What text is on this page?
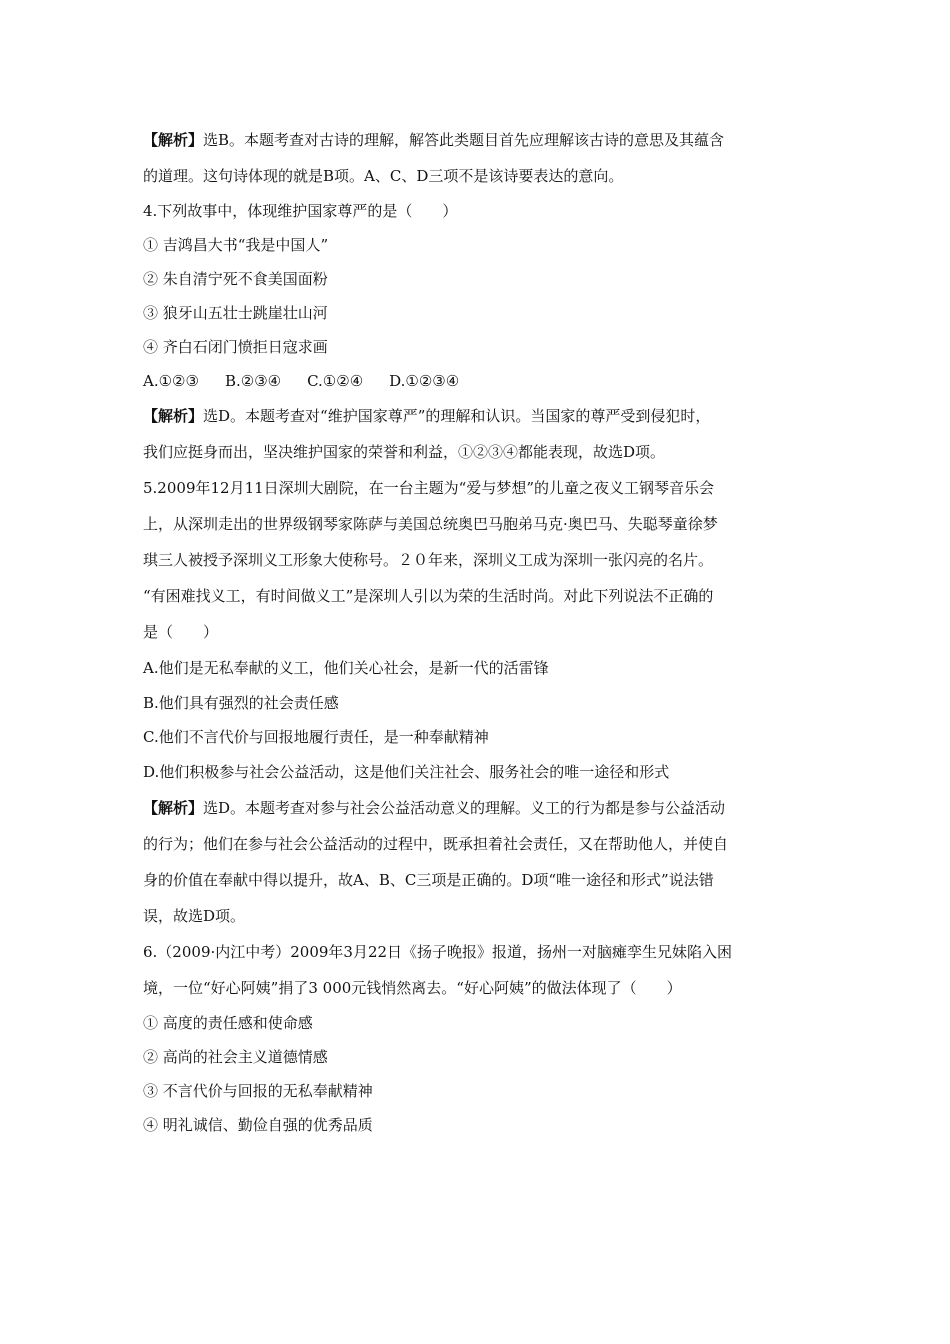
【解析】选B。本题考查对古诗的理解，解答此类题目首先应理解该古诗的意思及其蕴含
的道理。这句诗体现的就是B项。A、C、D三项不是该诗要表达的意向。
4.下列故事中，体现维护国家尊严的是（　　）
① 吉鸿昌大书“我是中国人”
② 朱自清宁死不食美国面粉
③ 狼牙山五壮士跳崖壮山河
④ 齐白石闭门愤拒日寇求画
A.①②③ B.②③④ C.①②④ D.①②③④
【解析】选D。本题考查对“维护国家尊严”的理解和认识。当国家的尊严受到侵犯时，
我们应挺身而出，坚决维护国家的荣誉和利益，①②③④都能表现，故选D项。
5.2009年12月11日深圳大剧院，在一台主题为“爱与梦想”的儿童之夜义工钢琴音乐会
上，从深圳走出的世界级钢琴家陈萨与美国总统奥巴马胞弟马克·奥巴马、失聪琴童徐梦
琪三人被授予深圳义工形象大使称号。２０年来，深圳义工成为深圳一张闪亮的名片。
“有困难找义工，有时间做义工”是深圳人引以为荣的生活时尚。对此下列说法不正确的
是（　　）
A.他们是无私奉献的义工，他们关心社会，是新一代的活雷锋
B.他们具有强烈的社会责任感
C.他们不言代价与回报地履行责任，是一种奉献精神
D.他们积极参与社会公益活动，这是他们关注社会、服务社会的唯一途径和形式
【解析】选D。本题考查对参与社会公益活动意义的理解。义工的行为都是参与公益活动
的行为；他们在参与社会公益活动的过程中，既承担着社会责任，又在帮助他人，并使自
身的价值在奉献中得以提升，故A、B、C三项是正确的。D项“唯一途径和形式”说法错
误，故选D项。
6.（2009·内江中考）2009年3月22日《扬子晚报》报道，扬州一对脑瘫孪生兄妹陷入困
境，一位“好心阿姨”捐了3 000元钱悄然离去。“好心阿姨”的做法体现了（　　）
① 高度的责任感和使命感
② 高尚的社会主义道德情感
③ 不言代价与回报的无私奉献精神
④ 明礼诚信、勤俭自强的优秀品质
